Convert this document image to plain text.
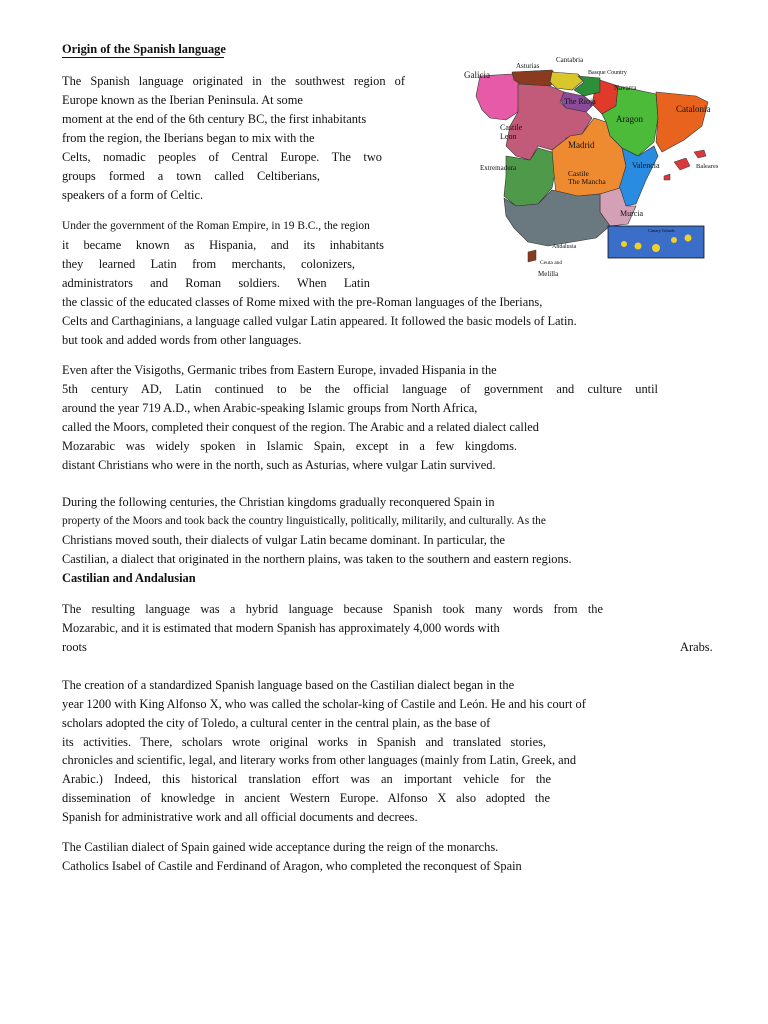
Origin of the Spanish language
The Spanish language originated in the southwest region of
Europe known as the Iberian Peninsula. At some
moment at the end of the 6th century BC, the first inhabitants
from the region, the Iberians began to mix with the
Celts, nomadic peoples of Central Europe. The two
groups formed a town called Celtiberians,
speakers of a form of Celtic.
Under the government of the Roman Empire, in 19 B.C., the region
it became known as Hispania, and its inhabitants
they learned Latin from merchants, colonizers,
administrators and Roman soldiers. When Latin
the classic of the educated classes of Rome mixed with the pre-Roman languages of the Iberians,
Celts and Carthaginians, a language called vulgar Latin appeared. It followed the basic models of Latin.
but took and added words from other languages.
Even after the Visigoths, Germanic tribes from Eastern Europe, invaded Hispania in the
5th century AD, Latin continued to be the official language of government and culture until
around the year 719 A.D., when Arabic-speaking Islamic groups from North Africa,
called the Moors, completed their conquest of the region. The Arabic and a related dialect called
Mozarabic was widely spoken in Islamic Spain, except in a few kingdoms.
distant Christians who were in the north, such as Asturias, where vulgar Latin survived.
During the following centuries, the Christian kingdoms gradually reconquered Spain in
property of the Moors and took back the country linguistically, politically, militarily, and culturally. As the
Christians moved south, their dialects of vulgar Latin became dominant. In particular, the
Castilian, a dialect that originated in the northern plains, was taken to the southern and eastern regions.
Castilian and Andalusian
The resulting language was a hybrid language because Spanish took many words from the
Mozarabic, and it is estimated that modern Spanish has approximately 4,000 words with
roots	Arabs.
The creation of a standardized Spanish language based on the Castilian dialect began in the
year 1200 with King Alfonso X, who was called the scholar-king of Castile and León. He and his court of
scholars adopted the city of Toledo, a cultural center in the central plain, as the base of
its activities. There, scholars wrote original works in Spanish and translated stories,
chronicles and scientific, legal, and literary works from other languages (mainly from Latin, Greek, and
Arabic.) Indeed, this historical translation effort was an important vehicle for the
dissemination of knowledge in ancient Western Europe. Alfonso X also adopted the
Spanish for administrative work and all official documents and decrees.
The Castilian dialect of Spain gained wide acceptance during the reign of the monarchs.
Catholics Isabel of Castile and Ferdinand of Aragon, who completed the reconquest of Spain
Galicia
Asturias
Cantabria
Basque Country
Navarra
The Rioja
Catalonia
Aragon
Castile
Leon
Madrid
Extremadura
Castile
The Mancha
Valencia	Baleares
Murcia
Canary Islands
Andalusia
Ceuta and
Melilla
